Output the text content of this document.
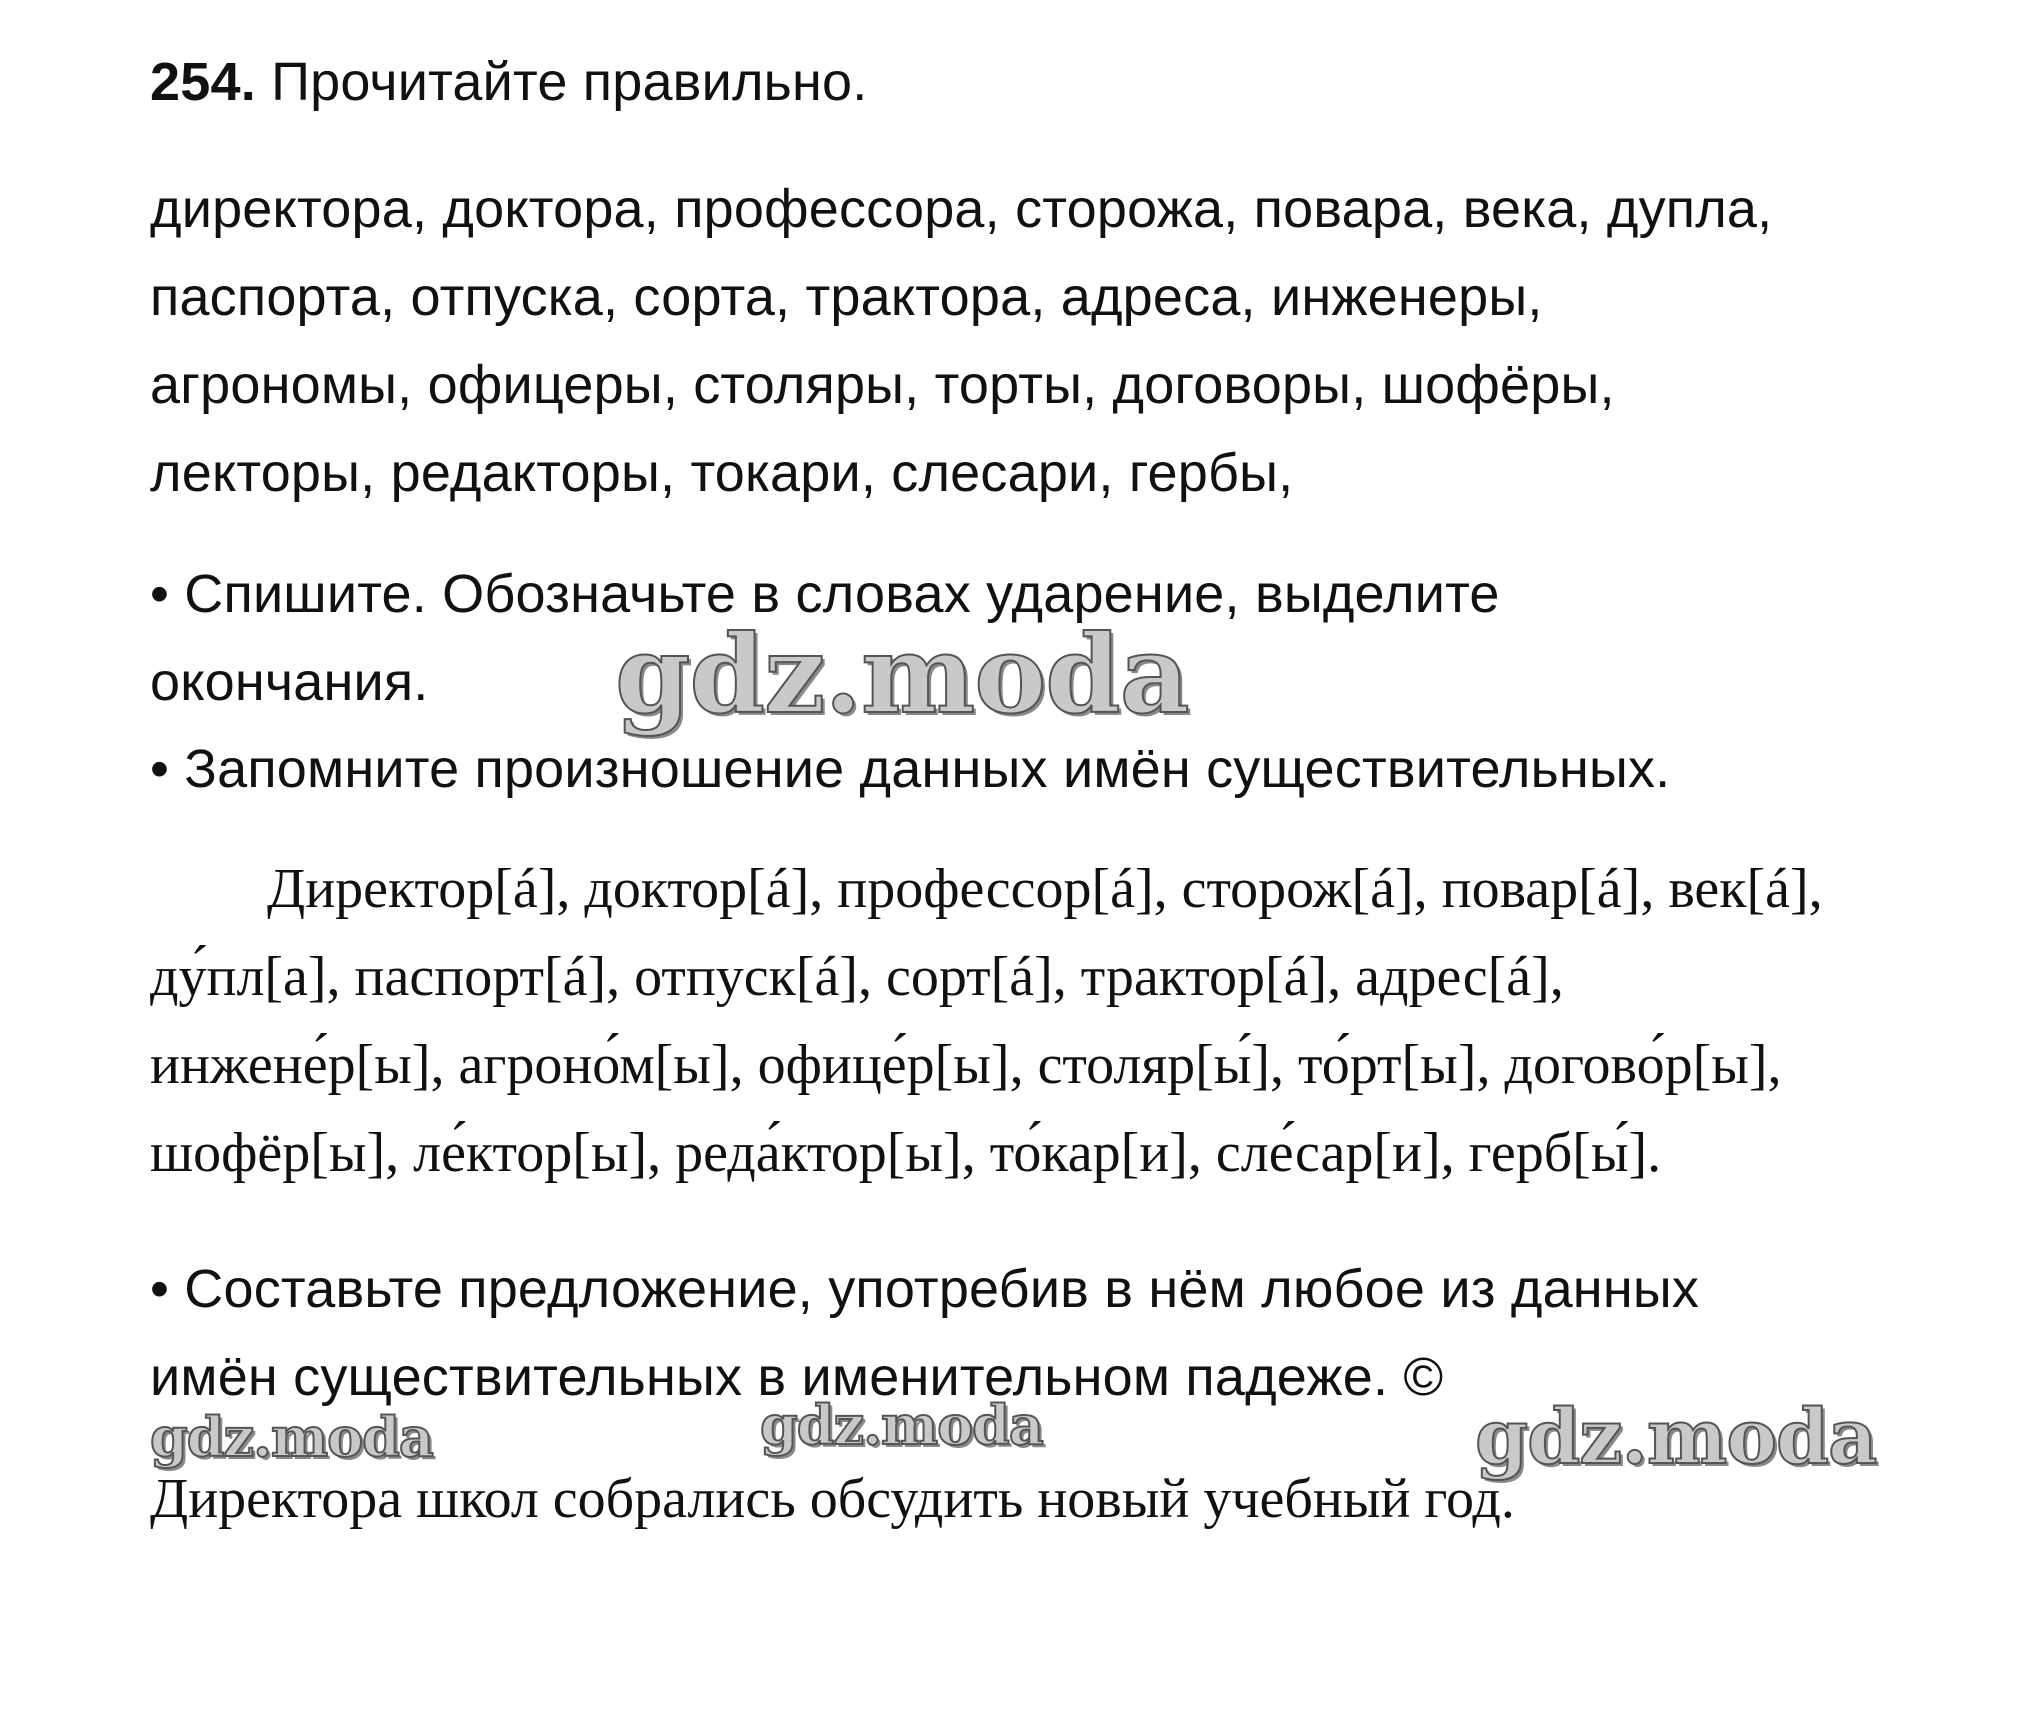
254. Прочитайте правильно.
директора, доктора, профессора, сторожа, повара, века, дупла,
паспорта, отпуска, сорта, трактора, адреса, инженеры,
агрономы, офицеры, столяры, торты, договоры, шофёры,
лекторы, редакторы, токари, слесари, гербы,
• Спишите. Обозначьте в словах ударение, выделите
окончания.
• Запомните произношение данных имён существительных.
Директор[á], доктор[á], профессор[á], сторож[á], повар[á], век[á],
ду́пл[а], паспорт[á], отпуск[á], сорт[á], трактор[á], адрес[á],
инжене́р[ы], агроно́м[ы], офице́р[ы], столяр[ы́], то́рт[ы], догово́р[ы],
шофёр[ы], ле́ктор[ы], реда́ктор[ы], то́кар[и], сле́сар[и], герб[ы́].
• Составьте предложение, употребив в нём любое из данных
имён существительных в именительном падеже. ©
Директора школ собрались обсудить новый учебный год.
gdz.moda
gdz.moda	gdz.moda	gdz.moda
